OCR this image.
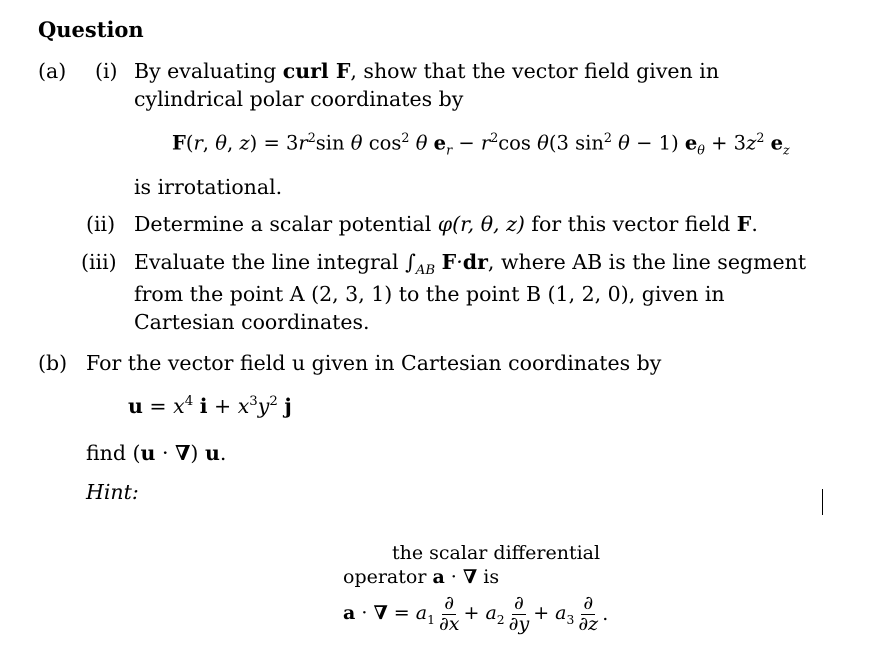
Question
(a) (i) By evaluating curl F, show that the vector field given in
cylindrical polar coordinates by
F(r, θ, $z) = 3r^2\sin$ θ $\cos^2 \theta$ $e_r - r^2\cos$ θ(3 $\sin^2 \theta - 1$) $e_\theta + 3z^2$ $e_z$
is irrotational.
(ii) Determine a scalar potential φ(r, θ, z) for this vector field F.
(iii) Evaluate the line integral $\int_{AB}$ F·dr, where AB is the line segment
from the point A (2, 3, 1) to the point B (1, 2, 0), given in
Cartesian coordinates.
(b) For the vector field u given in Cartesian coordinates by
$u = x^4$ $i + x^3y^2$ j
find (u · ∇) u.
Hint:
the scalar differential
operator a · ∇ is
a · ∇ = $a_1 \frac{\partial}{\partial x} + a_2 \frac{\partial}{\partial y} + a_3 \frac{\partial}{\partial z}$ .
